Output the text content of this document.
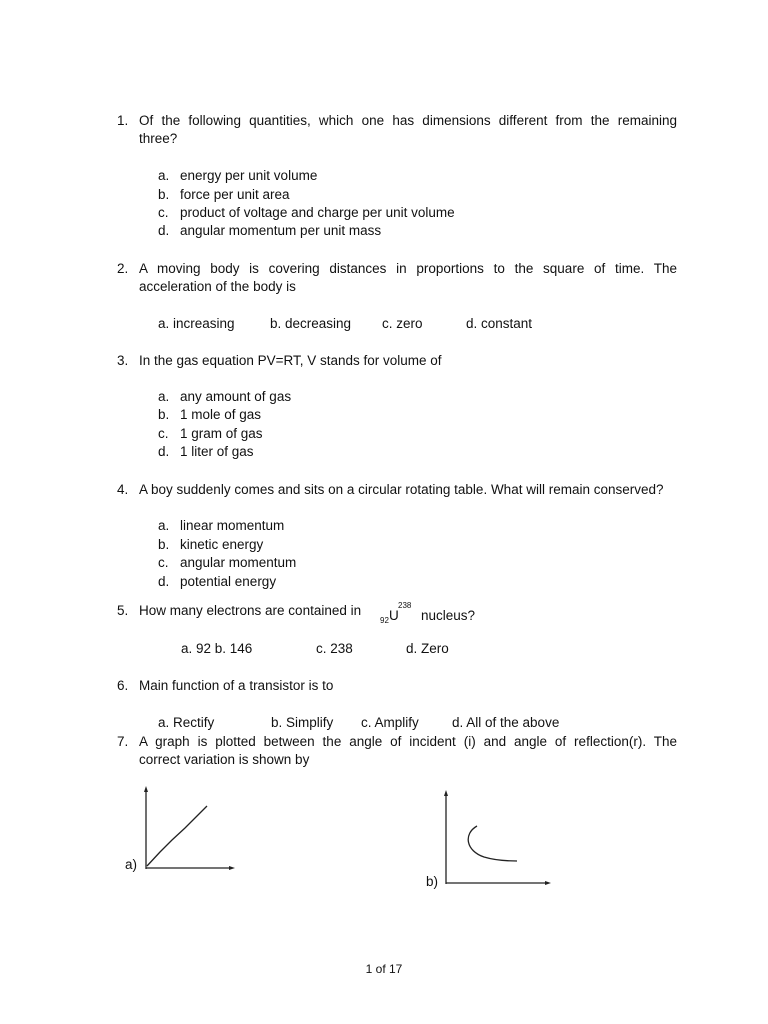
1. Of the following quantities, which one has dimensions different from the remaining
three?
a. energy per unit volume
b. force per unit area
c. product of voltage and charge per unit volume
d. angular momentum per unit mass
2. A moving body is covering distances in proportions to the square of time. The
acceleration of the body is
a. increasing	b. decreasing c. zero	d. constant
3. In the gas equation PV=RT, V stands for volume of
a. any amount of gas
b. 1 mole of gas
c. 1 gram of gas
d. 1 liter of gas
4. A boy suddenly comes and sits on a circular rotating table. What will remain conserved?
a. linear momentum
b. kinetic energy
c. angular momentum
d. potential energy
5. How many electrons are contained in
92 U
238
nucleus?
a. 92 b. 146	c. 238	d. Zero
6. Main function of a transistor is to
a. Rectify	b. Simplify c. Amplify d. All of the above
7. A graph is plotted between the angle of incident (i) and angle of reflection(r). The
correct variation is shown by
a)
b)
1 of 17
